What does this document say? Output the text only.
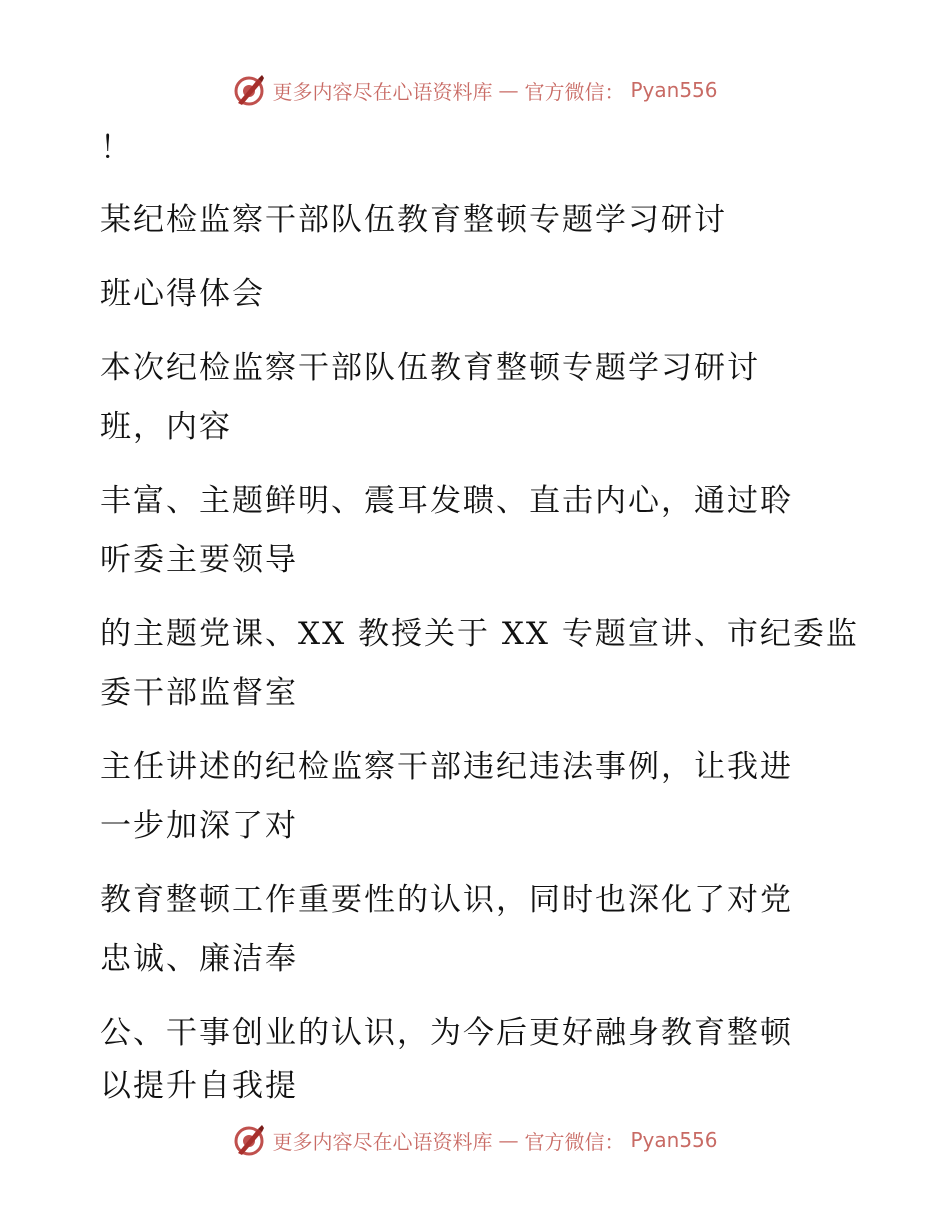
更多内容尽在心语资料库 — 官方微信： Pyan556
！
某纪检监察干部队伍教育整顿专题学习研讨
班心得体会
本次纪检监察干部队伍教育整顿专题学习研讨
班，内容
丰富、主题鲜明、震耳发聩、直击内心，通过聆
听委主要领导
的主题党课、XX 教授关于 XX 专题宣讲、市纪委监
委干部监督室
主任讲述的纪检监察干部违纪违法事例，让我进
一步加深了对
教育整顿工作重要性的认识，同时也深化了对党
忠诚、廉洁奉
公、干事创业的认识，为今后更好融身教育整顿
以提升自我提
更多内容尽在心语资料库 — 官方微信： Pyan556
